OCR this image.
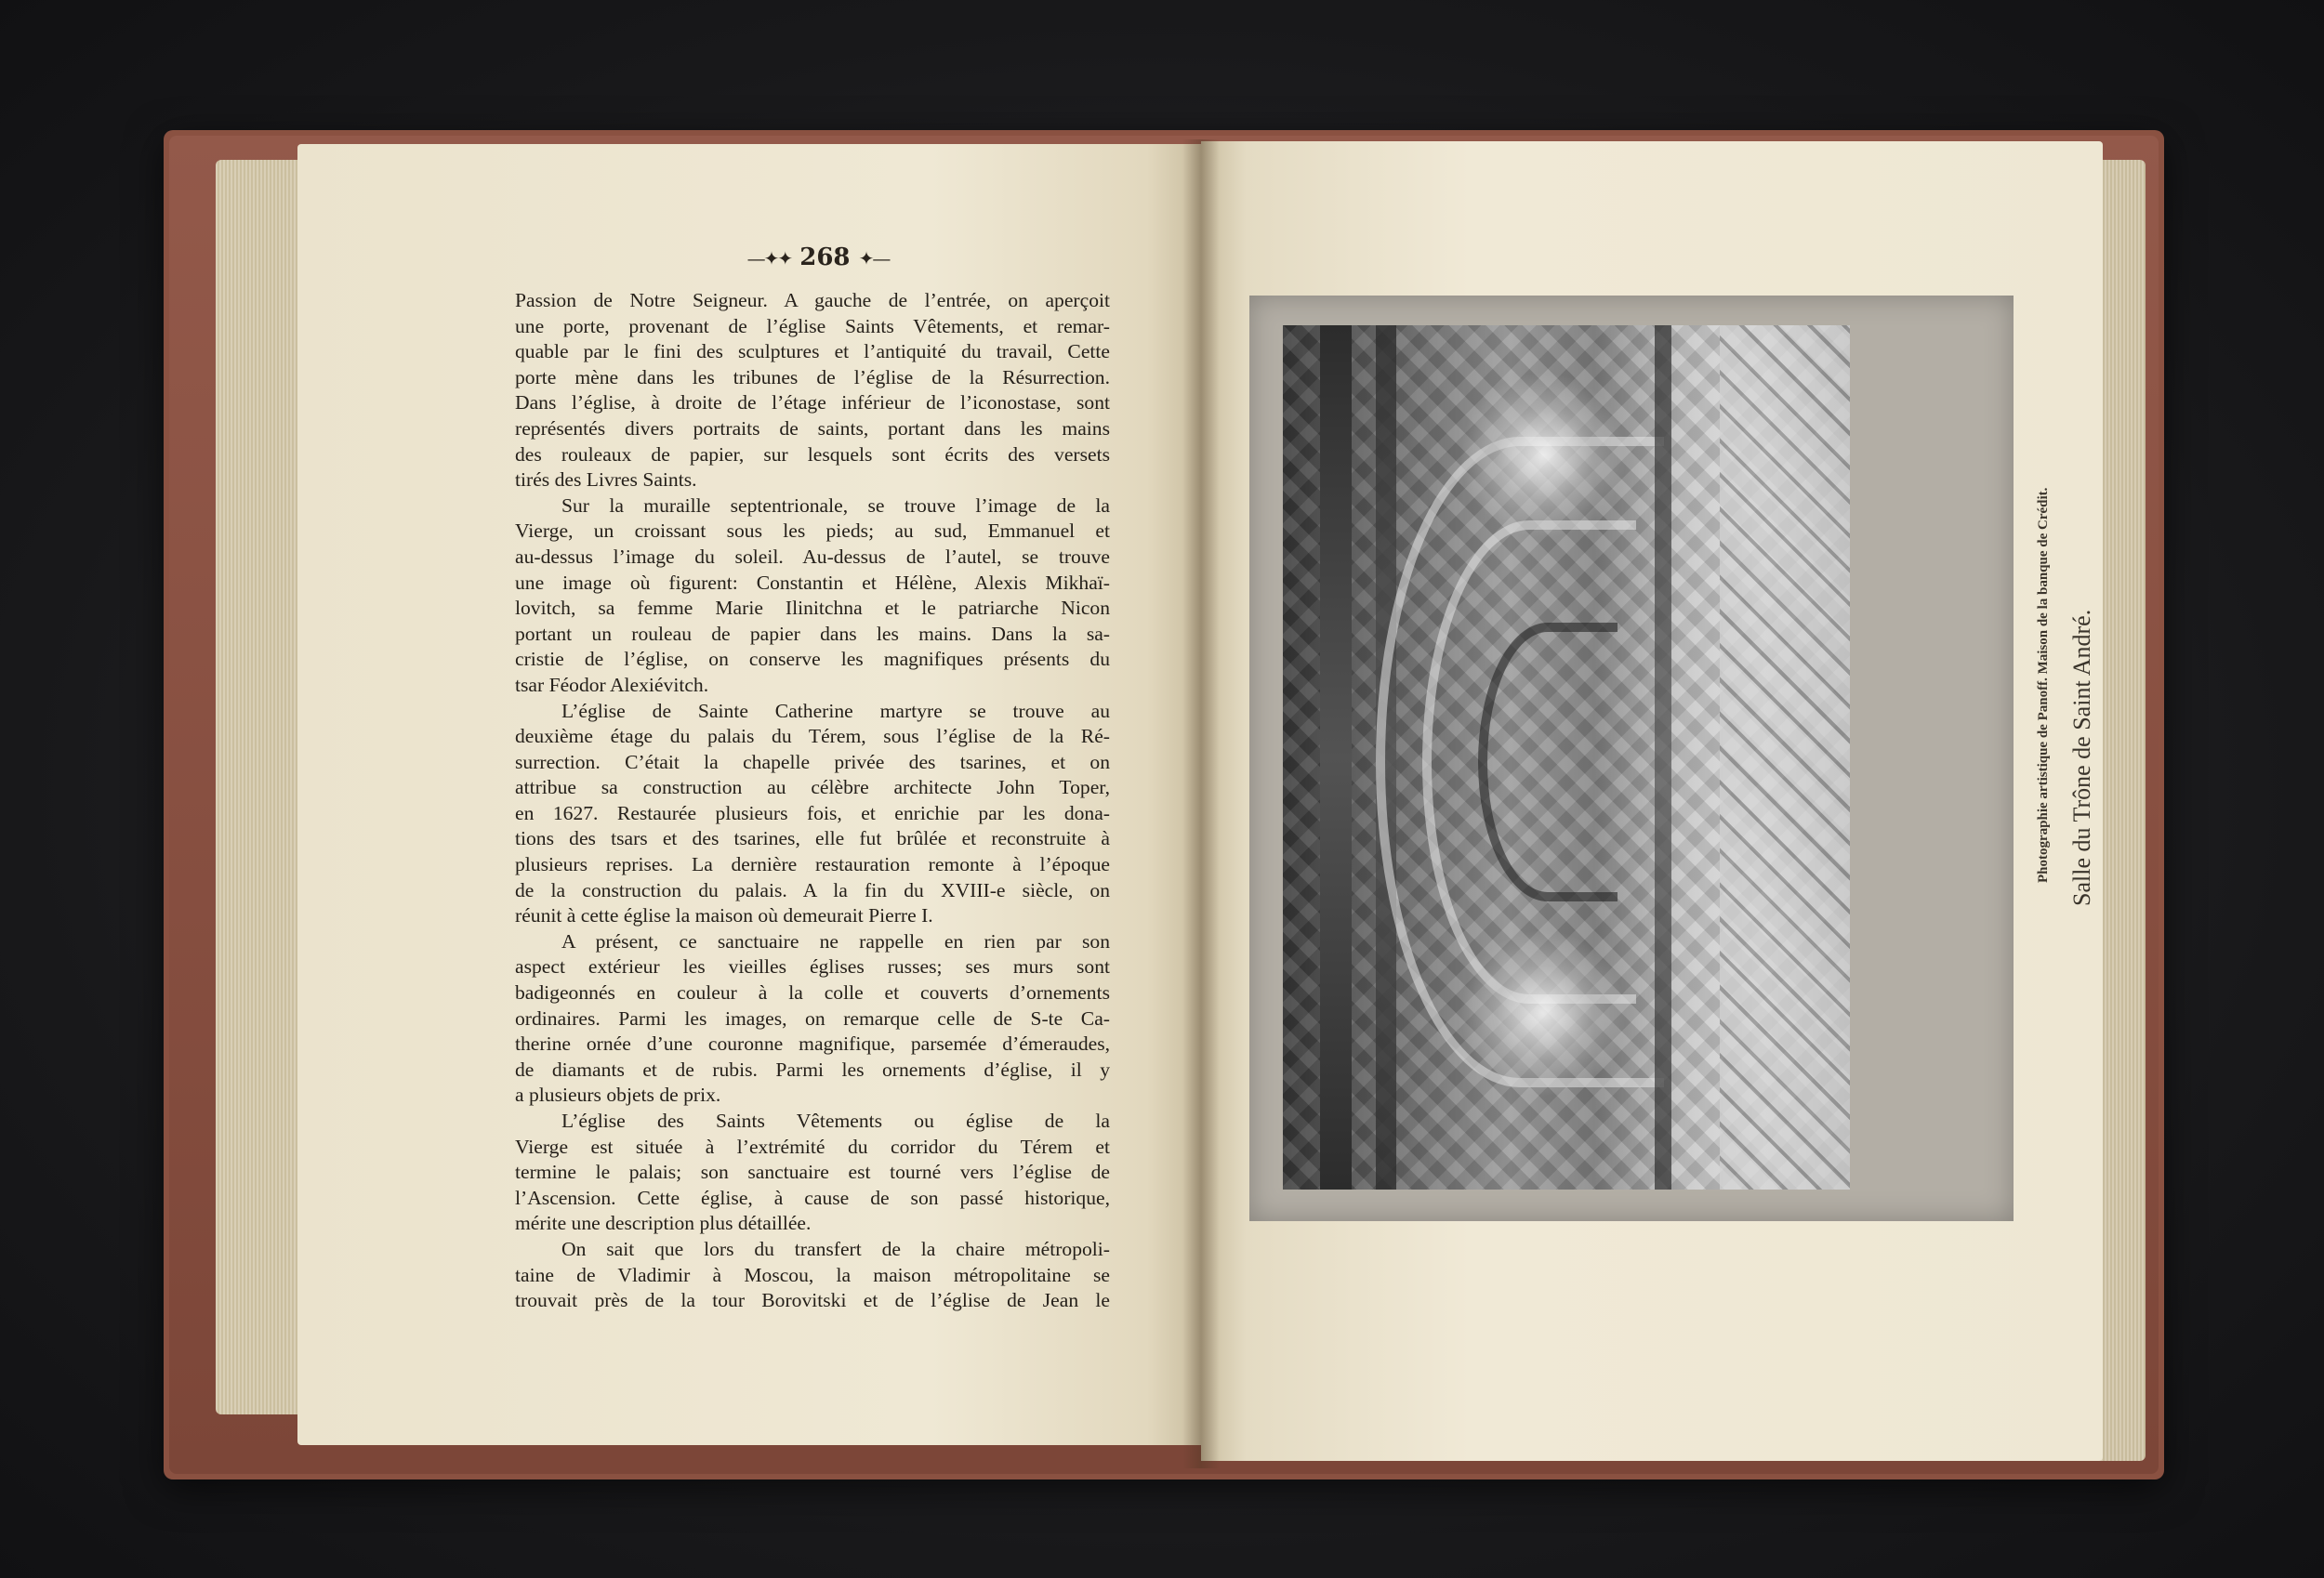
—✦✦ 268 ✦—
Passion de Notre Seigneur. A gauche de l’entrée, on aperçoit
une porte, provenant de l’église Saints Vêtements, et remar-
quable par le fini des sculptures et l’antiquité du travail, Cette
porte mène dans les tribunes de l’église de la Résurrection.
Dans l’église, à droite de l’étage inférieur de l’iconostase, sont
représentés divers portraits de saints, portant dans les mains
des rouleaux de papier, sur lesquels sont écrits des versets
tirés des Livres Saints.
Sur la muraille septentrionale, se trouve l’image de la
Vierge, un croissant sous les pieds; au sud, Emmanuel et
au-dessus l’image du soleil. Au-dessus de l’autel, se trouve
une image où figurent: Constantin et Hélène, Alexis Mikhaï-
lovitch, sa femme Marie Ilinitchna et le patriarche Nicon
portant un rouleau de papier dans les mains. Dans la sa-
cristie de l’église, on conserve les magnifiques présents du
tsar Féodor Alexiévitch.
L’église de Sainte Catherine martyre se trouve au
deuxième étage du palais du Térem, sous l’église de la Ré-
surrection. C’était la chapelle privée des tsarines, et on
attribue sa construction au célèbre architecte John Toper,
en 1627. Restaurée plusieurs fois, et enrichie par les dona-
tions des tsars et des tsarines, elle fut brûlée et reconstruite à
plusieurs reprises. La dernière restauration remonte à l’époque
de la construction du palais. A la fin du XVIII-e siècle, on
réunit à cette église la maison où demeurait Pierre I.
A présent, ce sanctuaire ne rappelle en rien par son
aspect extérieur les vieilles églises russes; ses murs sont
badigeonnés en couleur à la colle et couverts d’ornements
ordinaires. Parmi les images, on remarque celle de S-te Ca-
therine ornée d’une couronne magnifique, parsemée d’émeraudes,
de diamants et de rubis. Parmi les ornements d’église, il y
a plusieurs objets de prix.
L’église des Saints Vêtements ou église de la
Vierge est située à l’extrémité du corridor du Térem et
termine le palais; son sanctuaire est tourné vers l’église de
l’Ascension. Cette église, à cause de son passé historique,
mérite une description plus détaillée.
On sait que lors du transfert de la chaire métropoli-
taine de Vladimir à Moscou, la maison métropolitaine se
trouvait près de la tour Borovitski et de l’église de Jean le
Photographie artistique de Panoff. Maison de la banque de Crédit. Salle du Trône de Saint André.
